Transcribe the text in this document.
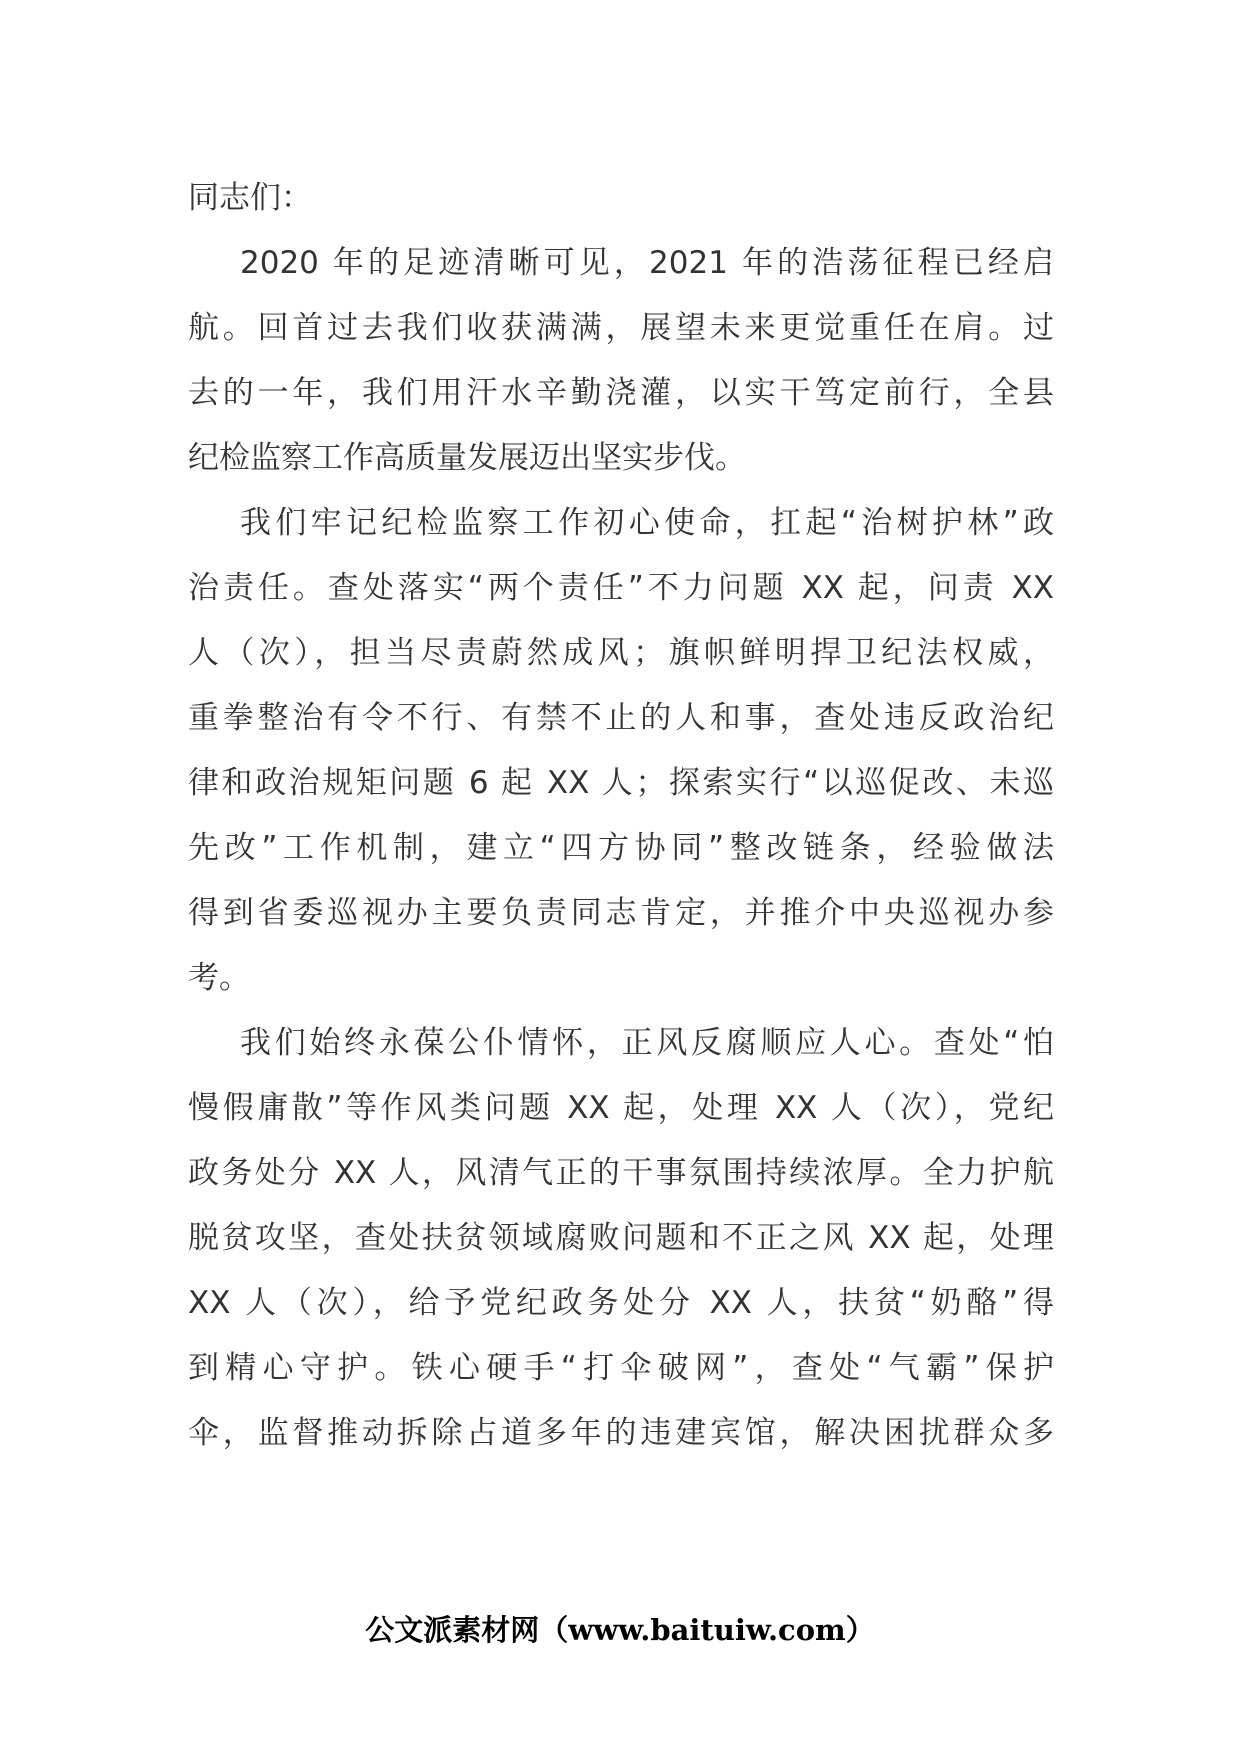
同志们：
2020 年的足迹清晰可见，2021 年的浩荡征程已经启
航。回首过去我们收获满满，展望未来更觉重任在肩。过
去的一年，我们用汗水辛勤浇灌，以实干笃定前行，全县
纪检监察工作高质量发展迈出坚实步伐。
我们牢记纪检监察工作初心使命，扛起“治树护林”政
治责任。查处落实“两个责任”不力问题 XX 起，问责 XX
人（次），担当尽责蔚然成风；旗帜鲜明捍卫纪法权威，
重拳整治有令不行、有禁不止的人和事，查处违反政治纪
律和政治规矩问题 6 起 XX 人；探索实行“以巡促改、未巡
先改”工作机制，建立“四方协同”整改链条，经验做法
得到省委巡视办主要负责同志肯定，并推介中央巡视办参
考。
我们始终永葆公仆情怀，正风反腐顺应人心。查处“怕
慢假庸散”等作风类问题 XX 起，处理 XX 人（次），党纪
政务处分 XX 人，风清气正的干事氛围持续浓厚。全力护航
脱贫攻坚，查处扶贫领域腐败问题和不正之风 XX 起，处理
XX 人（次），给予党纪政务处分 XX 人，扶贫“奶酪”得
到精心守护。铁心硬手“打伞破网”，查处“气霸”保护
伞，监督推动拆除占道多年的违建宾馆，解决困扰群众多
公文派素材网（www.baituiw.com）
